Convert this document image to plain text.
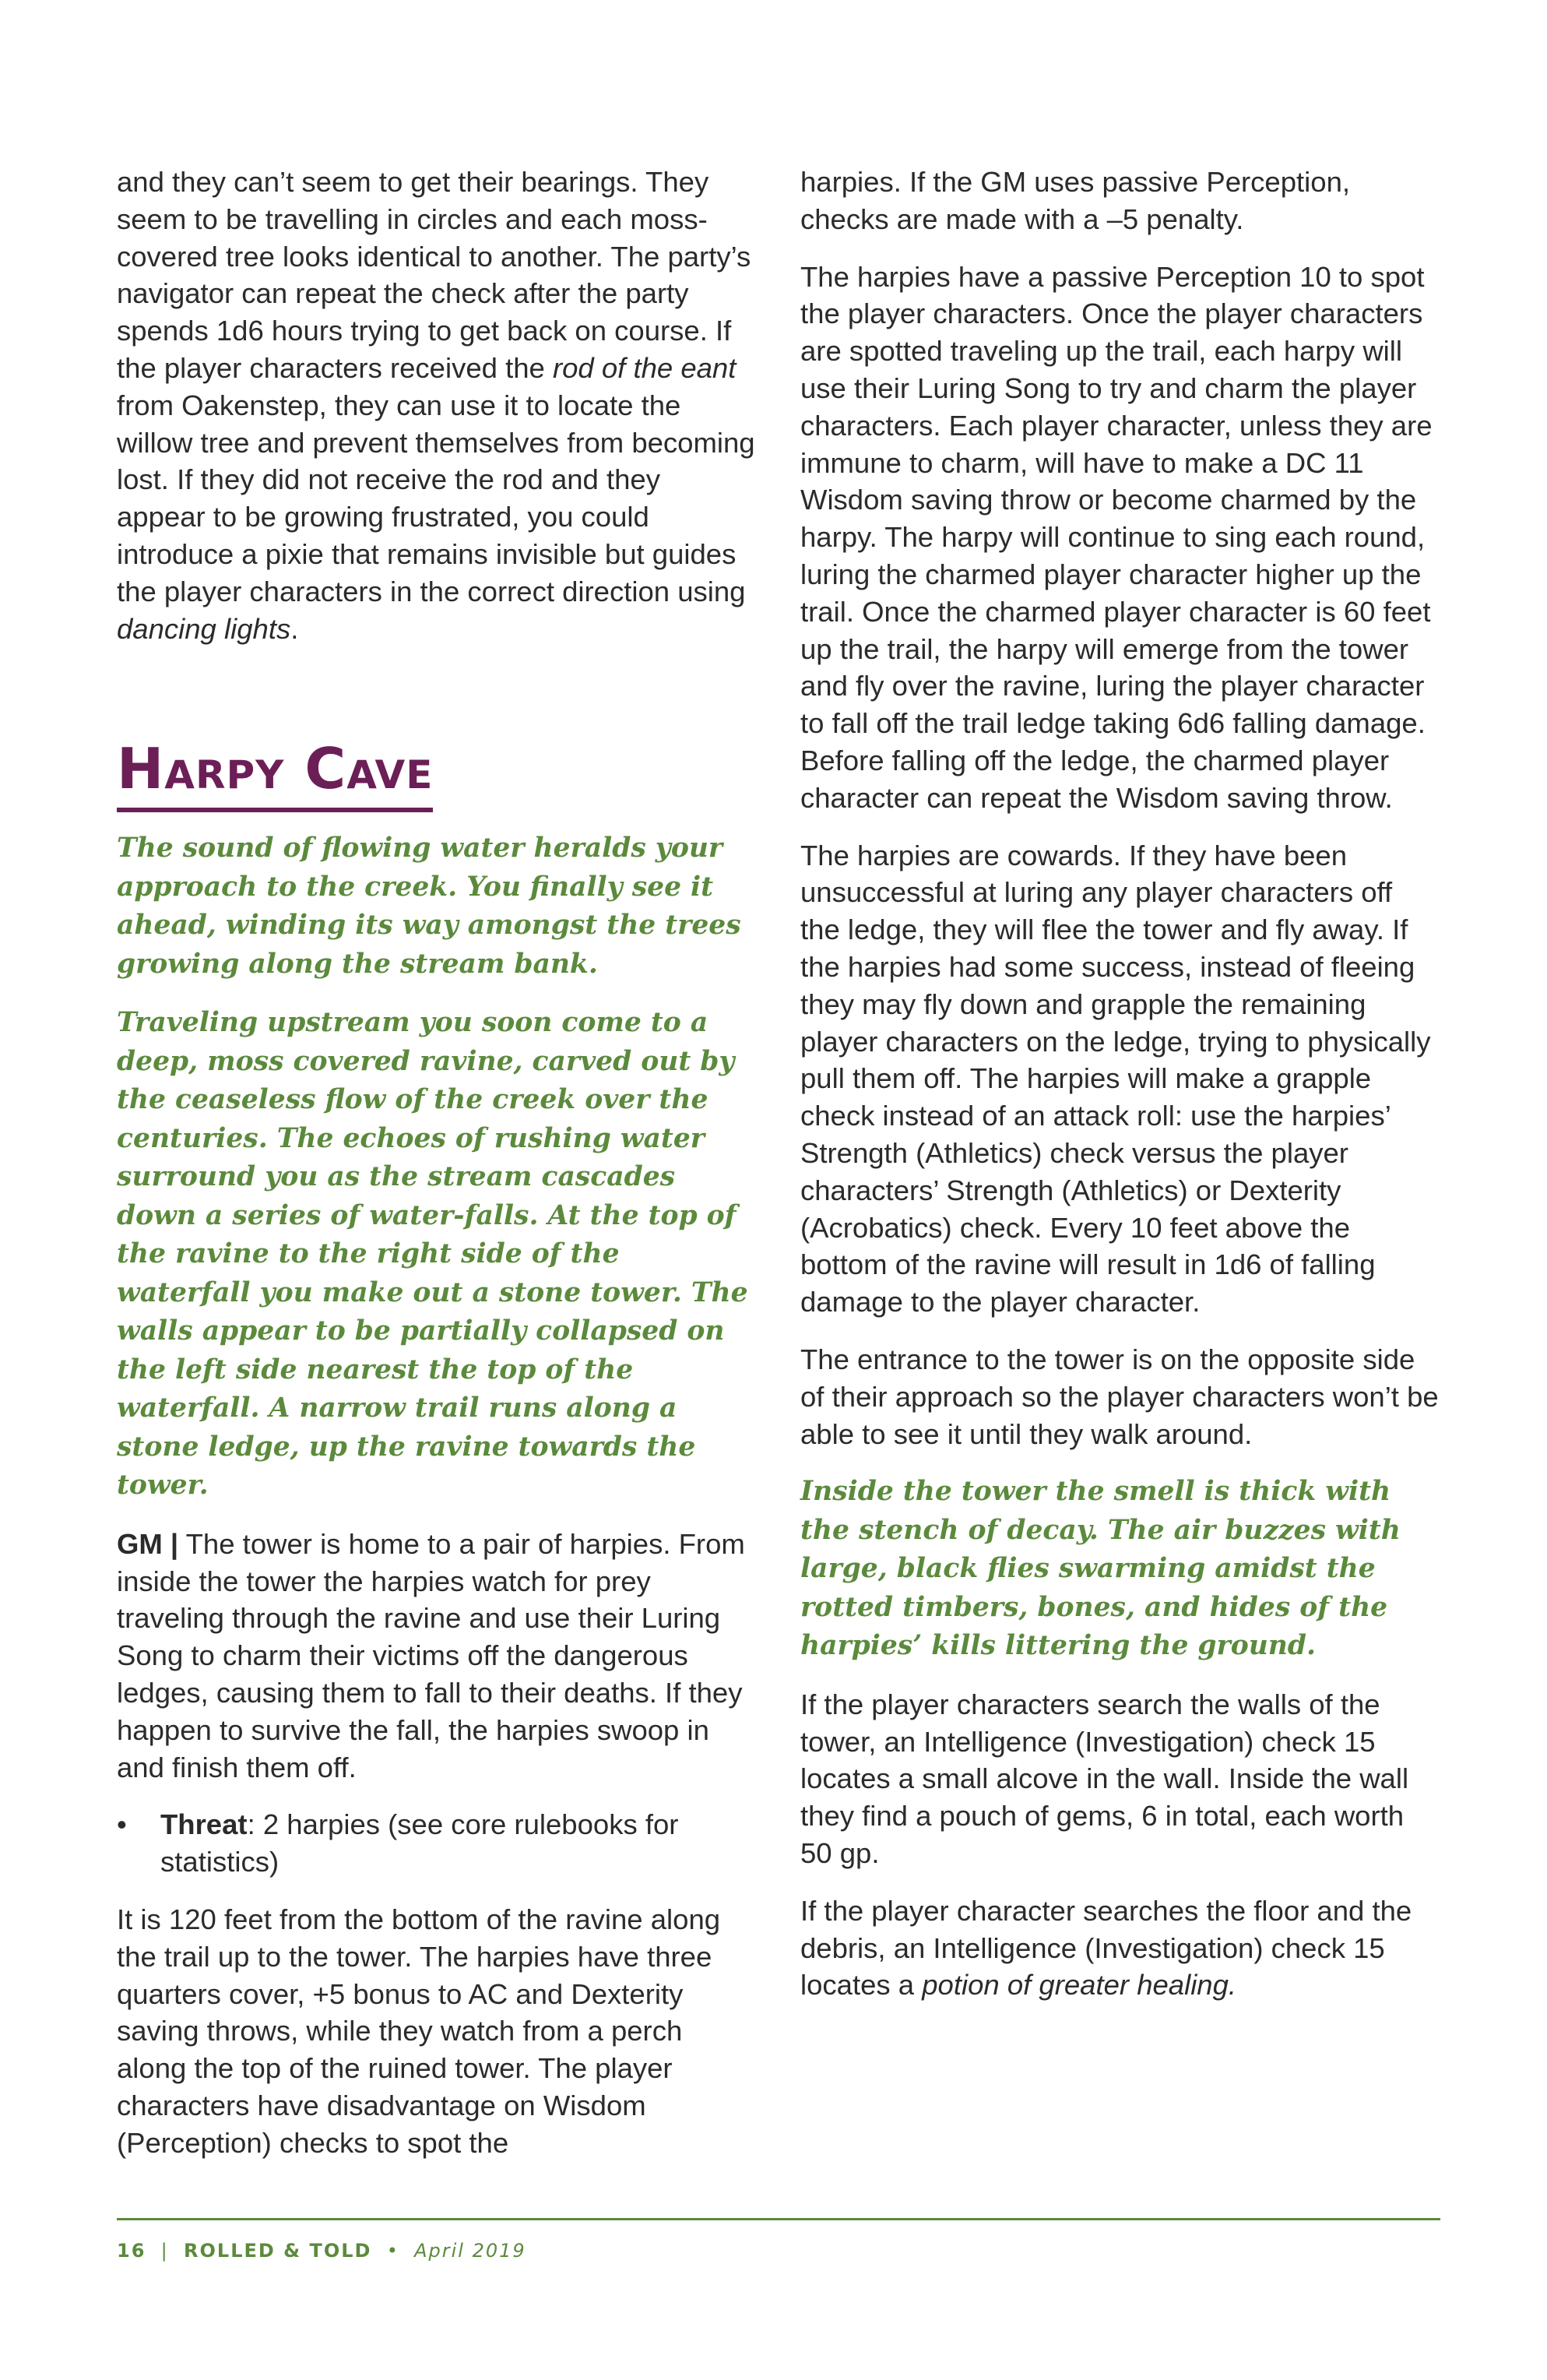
and they can’t seem to get their bearings. They seem to be travelling in circles and each moss-covered tree looks identical to another. The party’s navigator can repeat the check after the party spends 1d6 hours trying to get back on course. If the player characters received the rod of the eant from Oakenstep, they can use it to locate the willow tree and prevent themselves from becoming lost. If they did not receive the rod and they appear to be growing frustrated, you could introduce a pixie that remains invisible but guides the player characters in the correct direction using dancing lights.

Harpy Cave

The sound of flowing water heralds your approach to the creek. You finally see it ahead, winding its way amongst the trees growing along the stream bank.

Traveling upstream you soon come to a deep, moss covered ravine, carved out by the ceaseless flow of the creek over the centuries. The echoes of rushing water surround you as the stream cascades down a series of water-falls. At the top of the ravine to the right side of the waterfall you make out a stone tower. The walls appear to be partially collapsed on the left side nearest the top of the waterfall. A narrow trail runs along a stone ledge, up the ravine towards the tower.

GM | The tower is home to a pair of harpies. From inside the tower the harpies watch for prey traveling through the ravine and use their Luring Song to charm their victims off the dangerous ledges, causing them to fall to their deaths. If they happen to survive the fall, the harpies swoop in and finish them off.

•	Threat: 2 harpies (see core rulebooks for statistics)

It is 120 feet from the bottom of the ravine along the trail up to the tower. The harpies have three quarters cover, +5 bonus to AC and Dexterity saving throws, while they watch from a perch along the top of the ruined tower. The player characters have disadvantage on Wisdom (Perception) checks to spot the

harpies. If the GM uses passive Perception, checks are made with a –5 penalty.

The harpies have a passive Perception 10 to spot the player characters. Once the player characters are spotted traveling up the trail, each harpy will use their Luring Song to try and charm the player characters. Each player character, unless they are immune to charm, will have to make a DC 11 Wisdom saving throw or become charmed by the harpy. The harpy will continue to sing each round, luring the charmed player character higher up the trail. Once the charmed player character is 60 feet up the trail, the harpy will emerge from the tower and fly over the ravine, luring the player character to fall off the trail ledge taking 6d6 falling damage. Before falling off the ledge, the charmed player character can repeat the Wisdom saving throw.

The harpies are cowards. If they have been unsuccessful at luring any player characters off the ledge, they will flee the tower and fly away. If the harpies had some success, instead of fleeing they may fly down and grapple the remaining player characters on the ledge, trying to physically pull them off. The harpies will make a grapple check instead of an attack roll: use the harpies’ Strength (Athletics) check versus the player characters’ Strength (Athletics) or Dexterity (Acrobatics) check. Every 10 feet above the bottom of the ravine will result in 1d6 of falling damage to the player character.

The entrance to the tower is on the opposite side of their approach so the player characters won’t be able to see it until they walk around.

Inside the tower the smell is thick with the stench of decay. The air buzzes with large, black flies swarming amidst the rotted timbers, bones, and hides of the harpies’ kills littering the ground.

If the player characters search the walls of the tower, an Intelligence (Investigation) check 15 locates a small alcove in the wall. Inside the wall they find a pouch of gems, 6 in total, each worth 50 gp.

If the player character searches the floor and the debris, an Intelligence (Investigation) check 15 locates a potion of greater healing.

16  |  ROLLED & TOLD  •  April 2019
